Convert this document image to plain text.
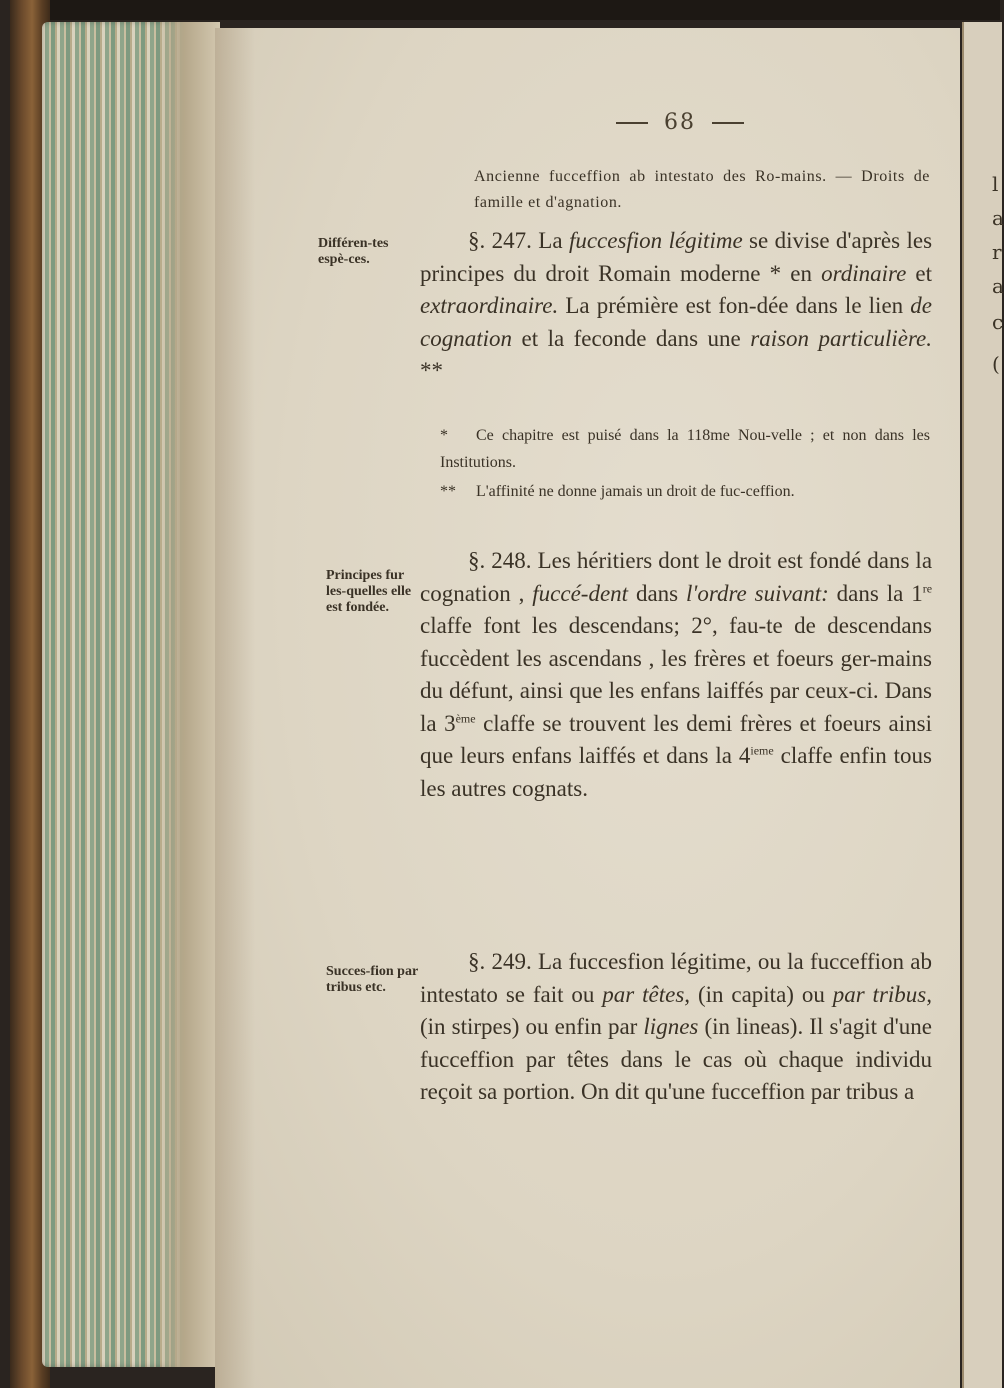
l
a
r
a
c
(
68
Ancienne fucceffion ab intestato des Ro-mains. — Droits de famille et d'agnation.
Différen-tes espè-ces.
Principes fur les-quelles elle est fondée.
Succes-fion par tribus etc.
§. 247. La fuccesfion légitime se divise d'après les principes du droit Romain moderne * en ordinaire et extraordinaire. La prémière est fon-dée dans le lien de cognation et la feconde dans une raison particulière. **
* Ce chapitre est puisé dans la 118me Nou-velle ; et non dans les Institutions.
** L'affinité ne donne jamais un droit de fuc-ceffion.
§. 248. Les héritiers dont le droit est fondé dans la cognation , fuccé-dent dans l'ordre suivant: dans la 1re claffe font les descendans; 2°, fau-te de descendans fuccèdent les ascendans , les frères et foeurs ger-mains du défunt, ainsi que les enfans laiffés par ceux-ci. Dans la 3ème claffe se trouvent les demi frères et foeurs ainsi que leurs enfans laiffés et dans la 4ieme claffe enfin tous les autres cognats.
§. 249. La fuccesfion légitime, ou la fucceffion ab intestato se fait ou par têtes, (in capita) ou par tribus, (in stirpes) ou enfin par lignes (in lineas). Il s'agit d'une fucceffion par têtes dans le cas où chaque individu reçoit sa portion. On dit qu'une fucceffion par tribus a
